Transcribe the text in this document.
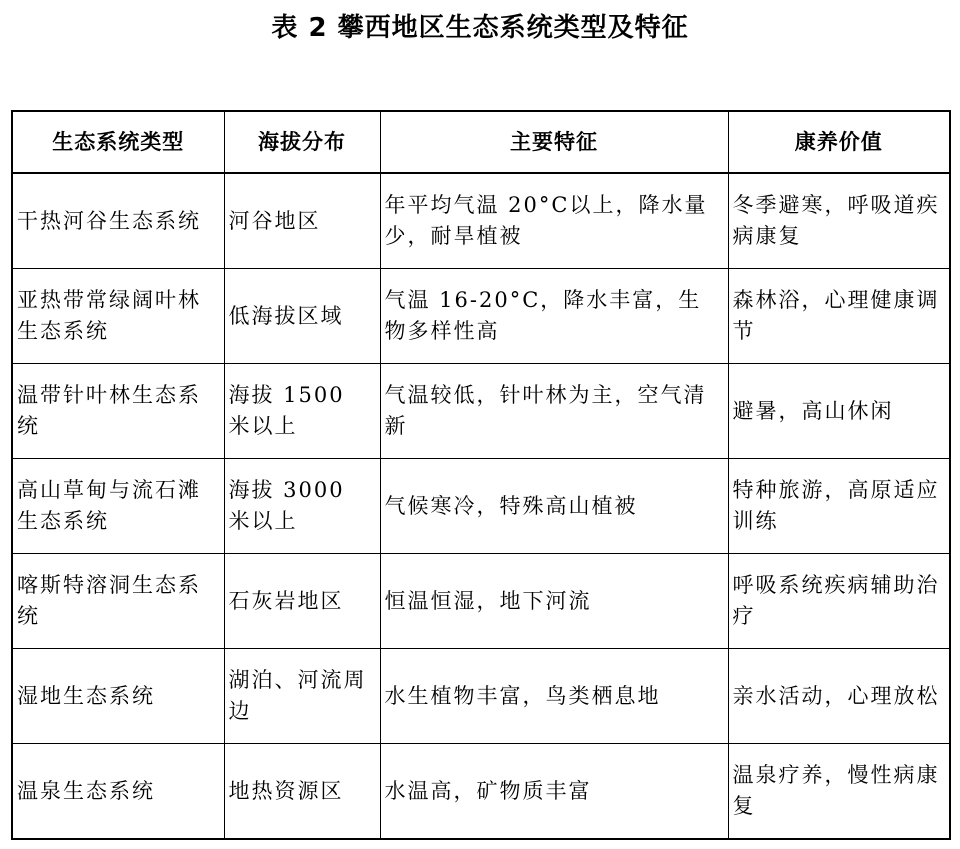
表 2 攀西地区生态系统类型及特征
生态系统类型	海拔分布	主要特征	康养价值
干热河谷生态系统	河谷地区	年平均气温 20°C以上，降水量少，耐旱植被	冬季避寒，呼吸道疾病康复
亚热带常绿阔叶林生态系统	低海拔区域	气温 16-20°C，降水丰富，生物多样性高	森林浴，心理健康调节
温带针叶林生态系统	海拔 1500 米以上	气温较低，针叶林为主，空气清新	避暑，高山休闲
高山草甸与流石滩生态系统	海拔 3000 米以上	气候寒冷，特殊高山植被	特种旅游，高原适应训练
喀斯特溶洞生态系统	石灰岩地区	恒温恒湿，地下河流	呼吸系统疾病辅助治疗
湿地生态系统	湖泊、河流周边	水生植物丰富，鸟类栖息地	亲水活动，心理放松
温泉生态系统	地热资源区	水温高，矿物质丰富	温泉疗养，慢性病康复
